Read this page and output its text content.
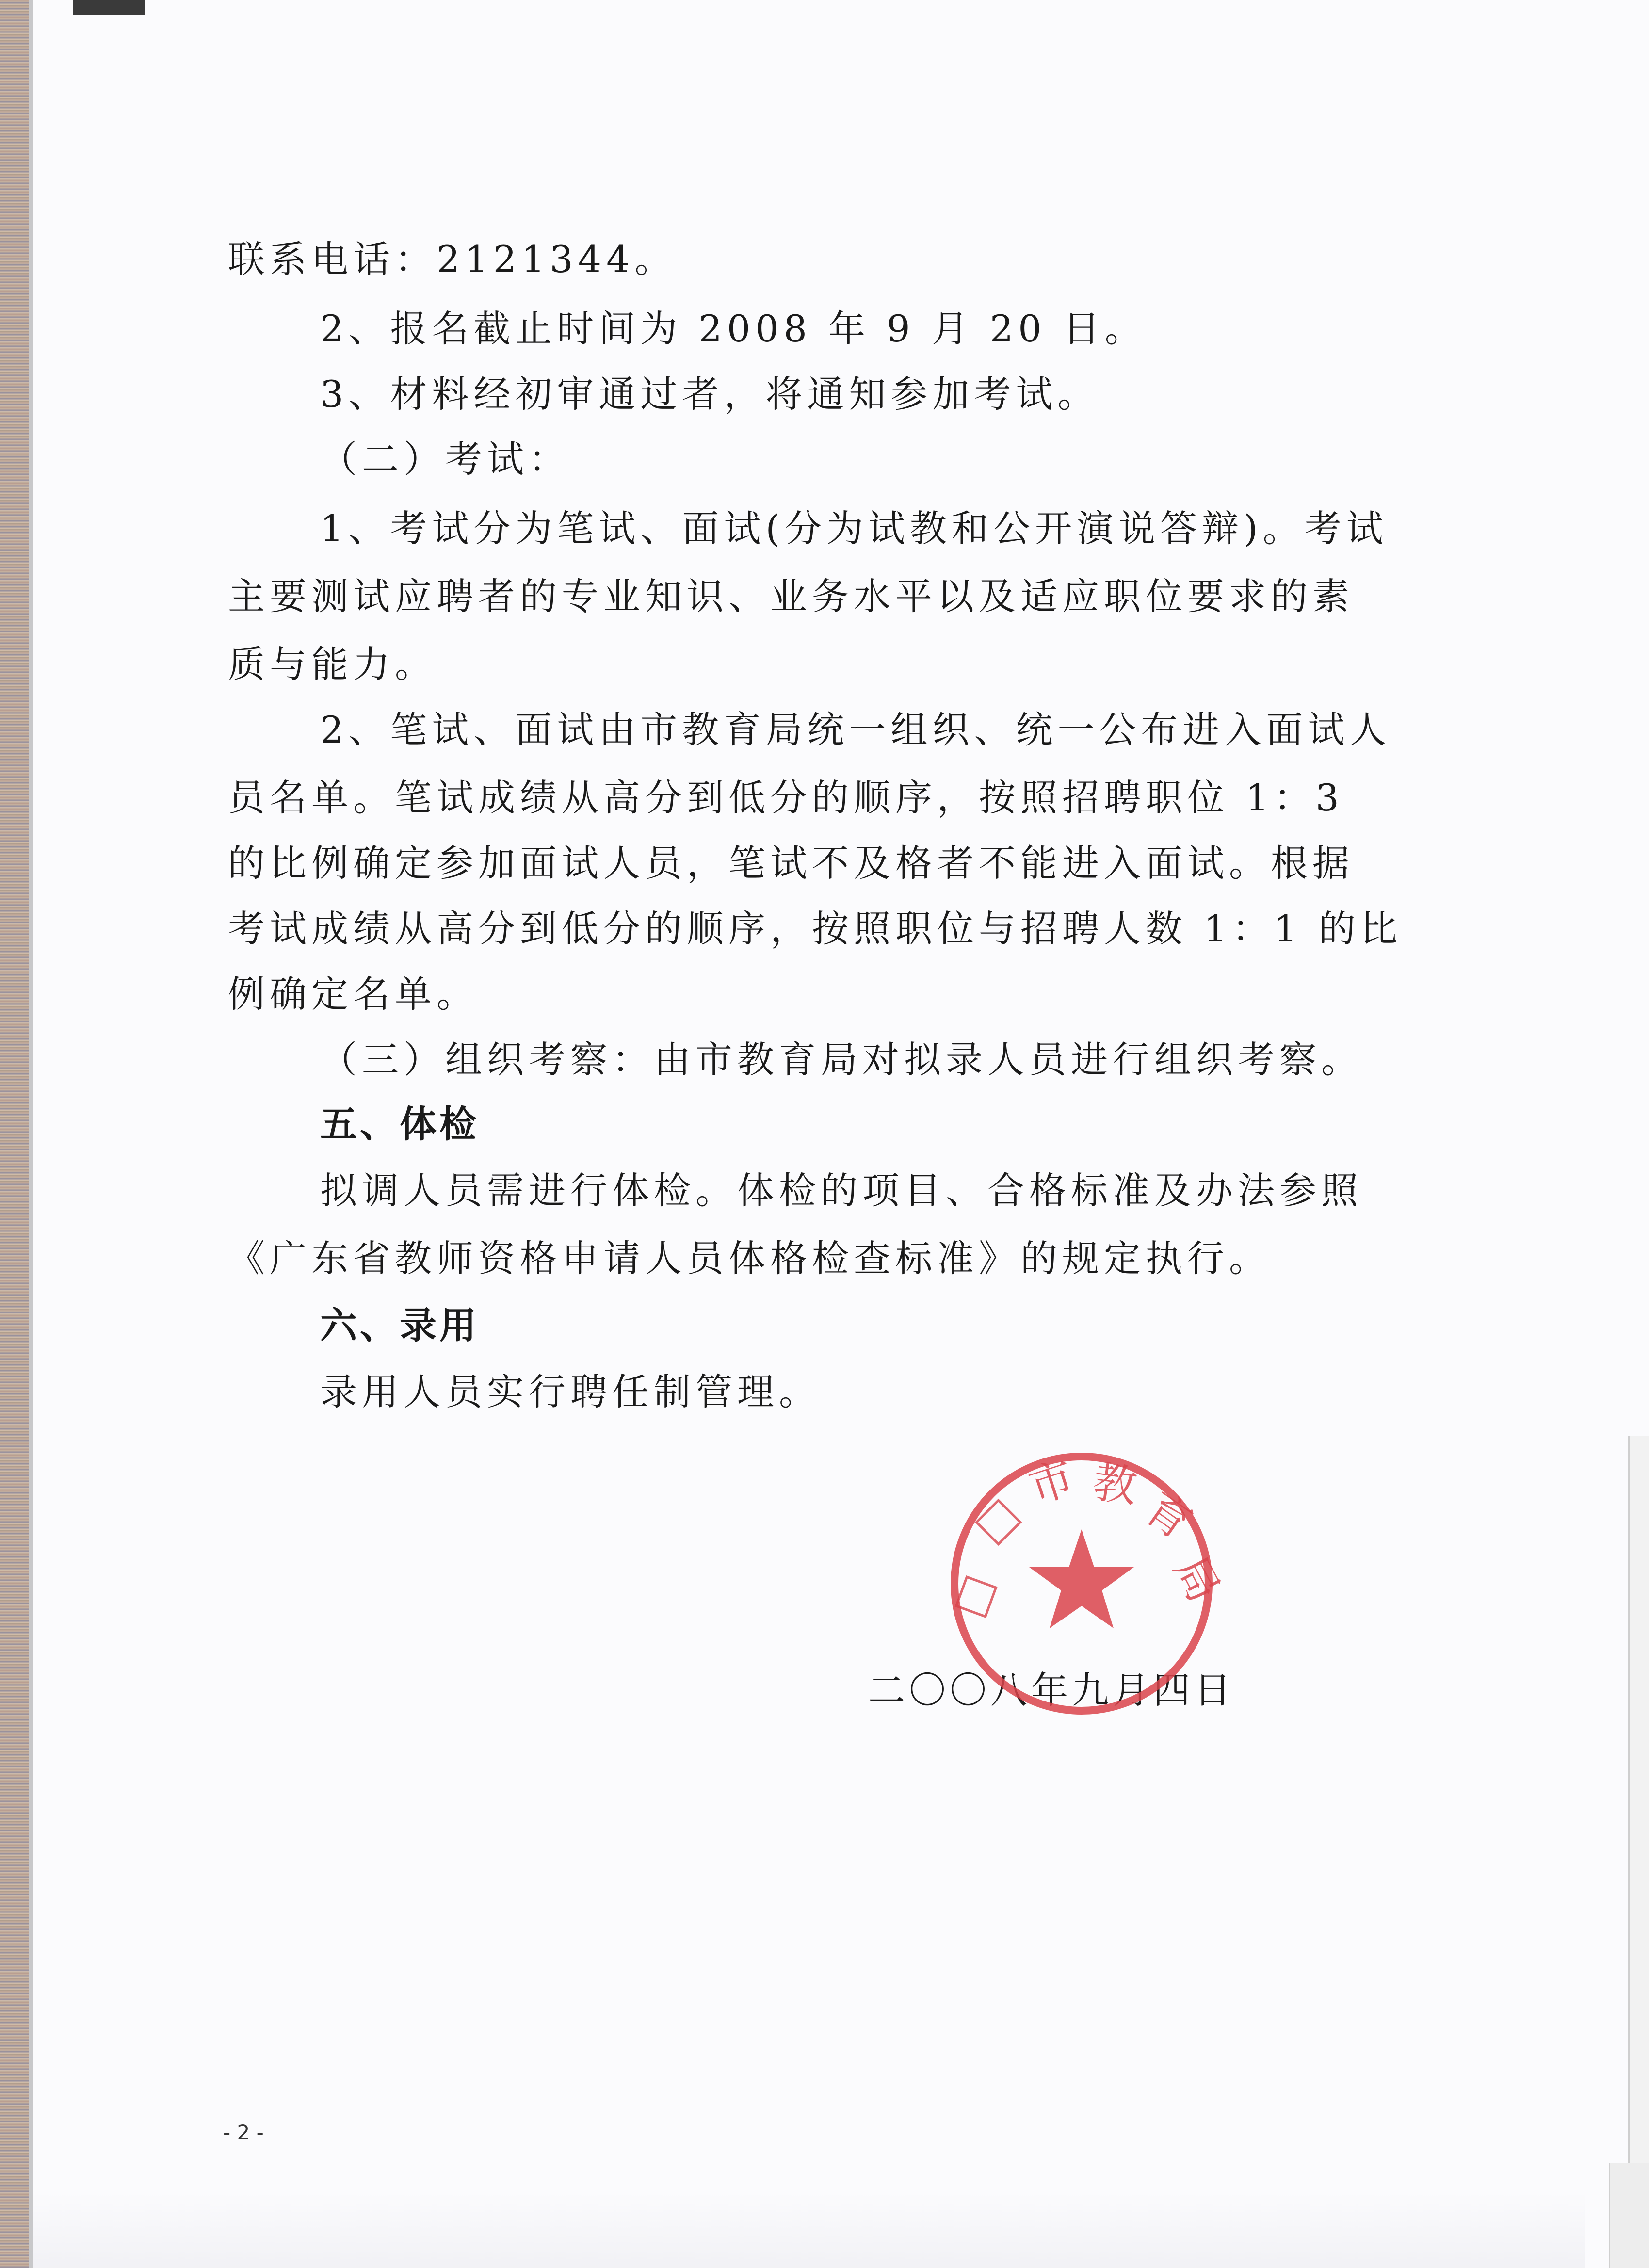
联系电话：2121344。
2、报名截止时间为 2008 年 9 月 20 日。
3、材料经初审通过者，将通知参加考试。
（二）考试：
1、考试分为笔试、面试(分为试教和公开演说答辩)。考试
主要测试应聘者的专业知识、业务水平以及适应职位要求的素
质与能力。
2、笔试、面试由市教育局统一组织、统一公布进入面试人
员名单。笔试成绩从高分到低分的顺序，按照招聘职位 1：3
的比例确定参加面试人员，笔试不及格者不能进入面试。根据
考试成绩从高分到低分的顺序，按照职位与招聘人数 1：1 的比
例确定名单。
（三）组织考察：由市教育局对拟录人员进行组织考察。
五、体检
拟调人员需进行体检。体检的项目、合格标准及办法参照
《广东省教师资格申请人员体格检查标准》的规定执行。
六、录用
录用人员实行聘任制管理。
二〇〇八年九月四日
□
□
市 教
育
局
- 2 -
